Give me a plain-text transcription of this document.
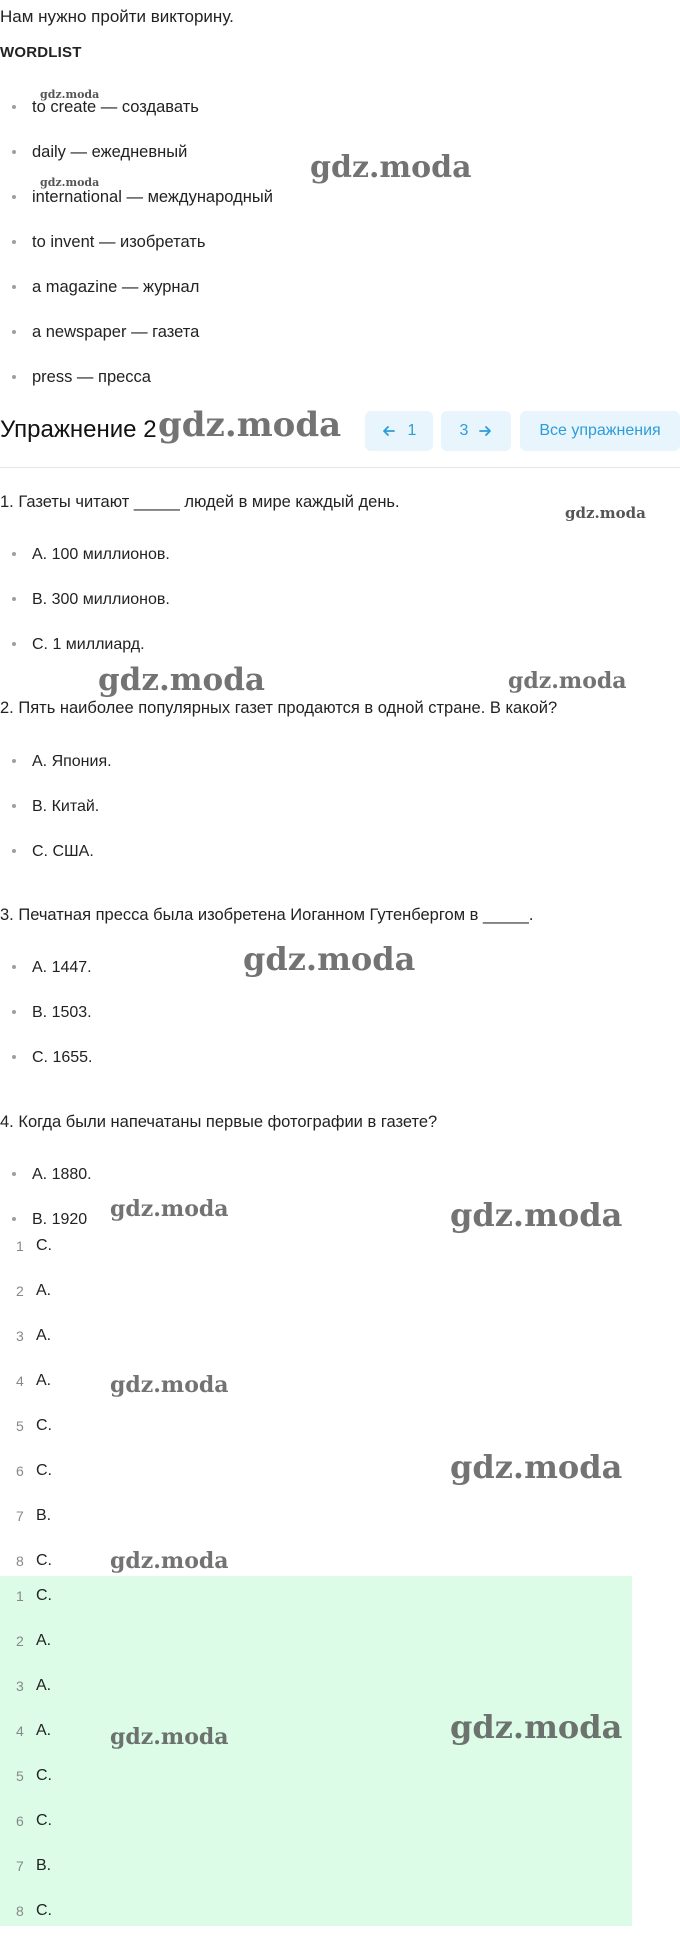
Нам нужно пройти викторину.
WORDLIST
to create — создавать
daily — ежедневный
international — международный
to invent — изобретать
a magazine — журнал
a newspaper — газета
press — пресса
Упражнение 2	1	3	Все упражнения
1. Газеты читают _____ людей в мире каждый день.
A. 100 миллионов.
B. 300 миллионов.
C. 1 миллиард.
2. Пять наиболее популярных газет продаются в одной стране. В какой?
A. Япония.
B. Китай.
C. США.
3. Печатная пресса была изобретена Иоганном Гутенбергом в _____.
A. 1447.
B. 1503.
C. 1655.
4. Когда были напечатаны первые фотографии в газете?
A. 1880.
B. 1920
1 C.
2 A.
3 A.
4 A.
5 C.
6 C.
7 B.
8 C.
1 C.
2 A.
3 A.
4 A.
5 C.
6 C.
7 B.
8 C.
gdz.moda
gdz.moda	gdz.moda
gdz.moda
gdz.moda
gdz.moda	gdz.moda
gdz.moda
gdz.moda	gdz.moda
gdz.moda
gdz.moda
gdz.moda
gdz.moda	gdz.moda
